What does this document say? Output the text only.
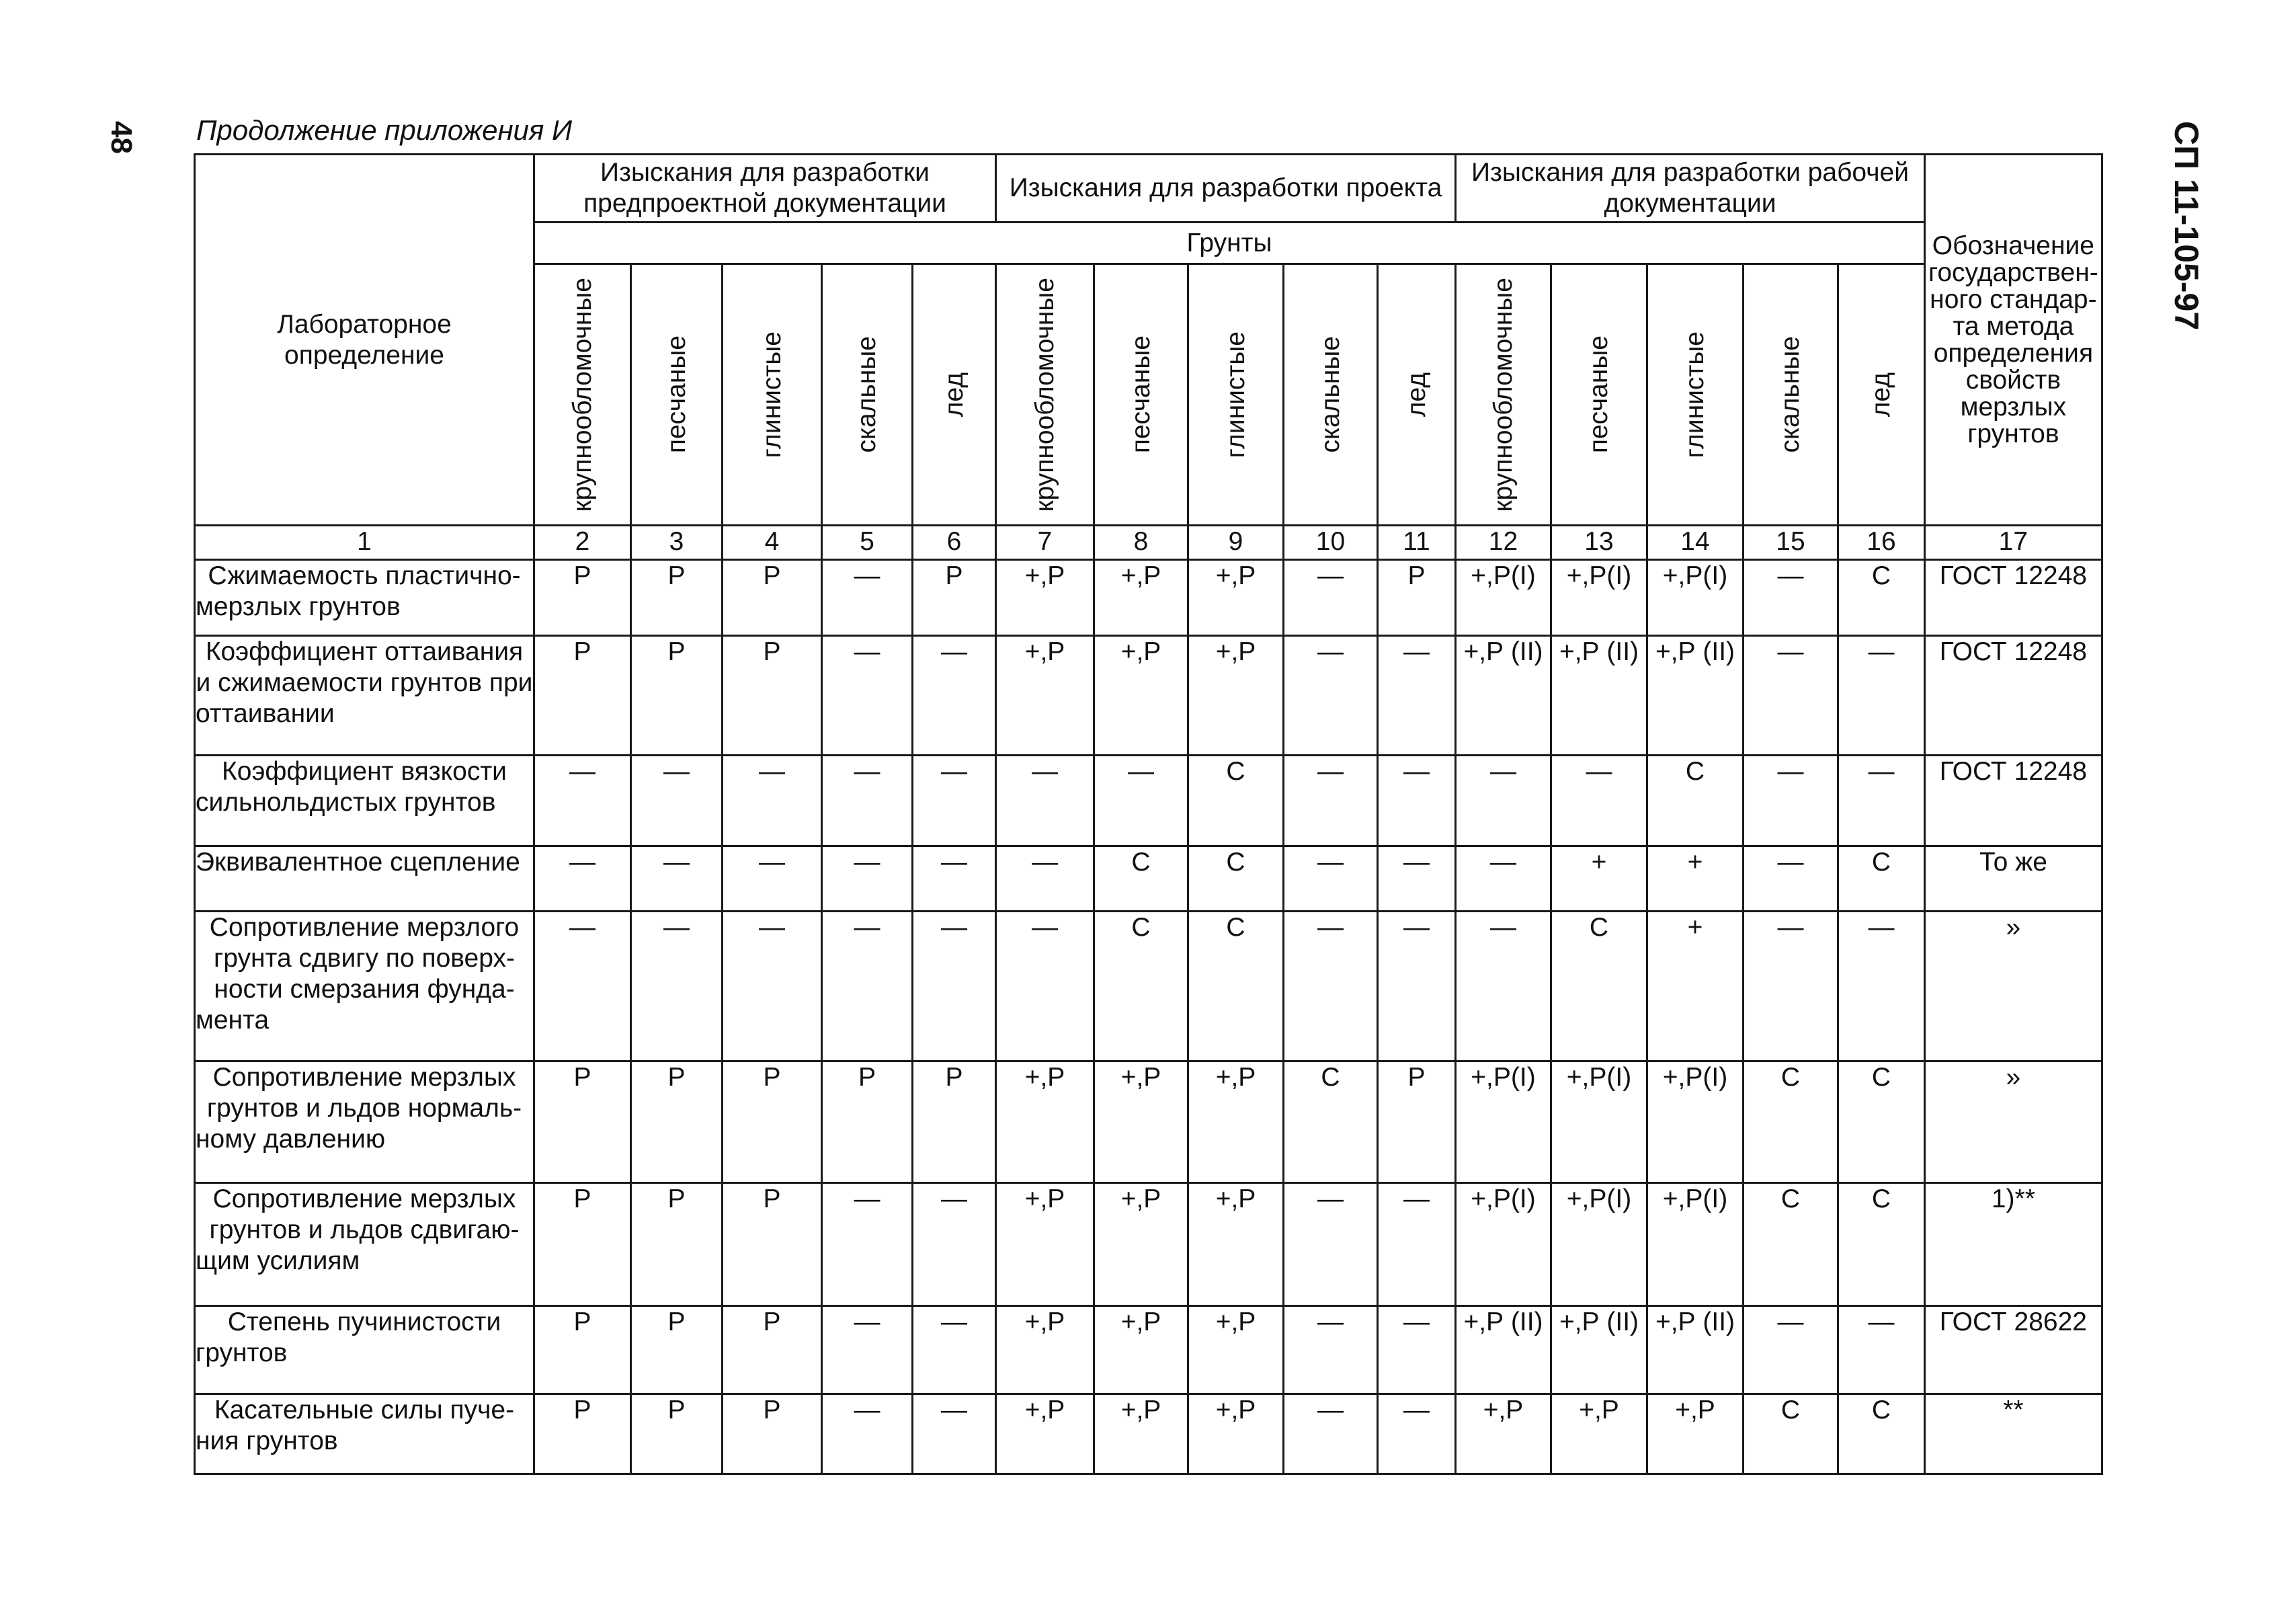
48 Продолжение приложения И	СП 11-105-97
Лабораторное определение	Изыскания для разработки предпроектной документации					Изыскания для разработки проекта					Изыскания для разработки рабочей документации					Обозначение государствен-ного стандар-та метода определения свойств мерзлых грунтов
	Грунты															

	крупнообломочные	песчаные	глинистые	скальные	лед	крупнообломочные	песчаные	глинистые	скальные	лед	крупнообломочные	песчаные	глинистые	скальные	лед	

1	2	3	4	5	6	7	8	9	10	11	12	13	14	15	16	17
Сжимаемость пластично-мерзлых грунтов	Р	Р	Р	—	Р	+,Р	+,Р	+,Р	—	Р	+,Р(I)	+,Р(I)	+,Р(I)	—	С	ГОСТ 12248
Коэффициент оттаивания и сжимаемости грунтов при оттаивании	Р	Р	Р	—	—	+,Р	+,Р	+,Р	—	—	+,Р (II)	+,Р (II)	+,Р (II)	—	—	ГОСТ 12248
Коэффициент вязкости сильнольдистых грунтов	—	—	—	—	—	—	—	С	—	—	—	—	С	—	—	ГОСТ 12248
Эквивалентное сцепление	—	—	—	—	—	—	С	С	—	—	—	+	+	—	С	То же
Сопротивление мерзлого грунта сдвигу по поверх-ности смерзания фунда-мента	—	—	—	—	—	—	С	С	—	—	—	С	+	—	—	»
Сопротивление мерзлых грунтов и льдов нормаль-ному давлению	Р	Р	Р	Р	Р	+,Р	+,Р	+,Р	С	Р	+,Р(I)	+,Р(I)	+,Р(I)	С	С	»
Сопротивление мерзлых грунтов и льдов сдвигаю-щим усилиям	Р	Р	Р	—	—	+,Р	+,Р	+,Р	—	—	+,Р(I)	+,Р(I)	+,Р(I)	С	С	1)**
Степень пучинистости грунтов	Р	Р	Р	—	—	+,Р	+,Р	+,Р	—	—	+,Р (II)	+,Р (II)	+,Р (II)	—	—	ГОСТ 28622
Касательные силы пуче-ния грунтов	Р	Р	Р	—	—	+,Р	+,Р	+,Р	—	—	+,Р	+,Р	+,Р	С	С	**
